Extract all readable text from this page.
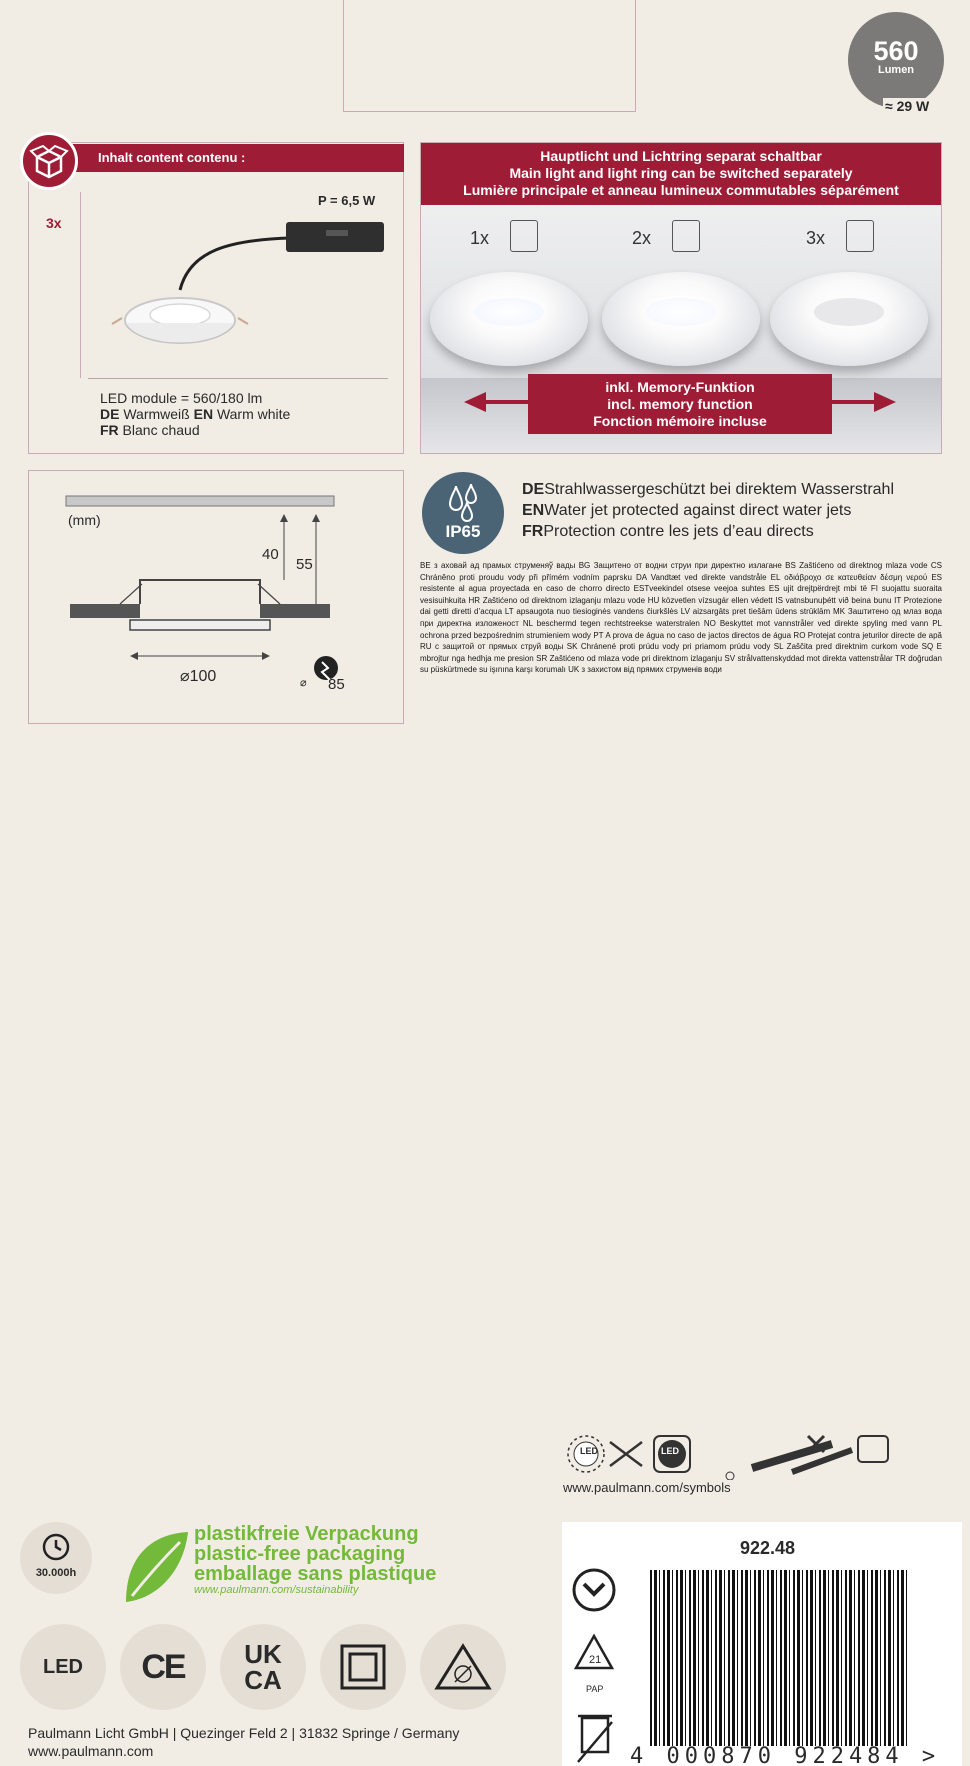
560
Lumen
≈ 29 W
Inhalt content contenu :
3x
P = 6,5 W
LED module = 560/180 lm
DE Warmweiß EN Warm white
FR Blanc chaud
Hauptlicht und Lichtring separat schaltbar
Main light and light ring can be switched separately
Lumière principale et anneau lumineux commutables séparément
1x	2x	3x
inkl. Memory-Funktion
incl. memory function
Fonction mémoire incluse
(mm)
40
55
⌀100	⌀ 85
IP65
DEStrahlwassergeschützt bei direktem Wasserstrahl
ENWater jet protected against direct water jets
FRProtection contre les jets d’eau directs
BE з аховай ад прамых струменяў вады BG Защитено от водни струи при директно излагане BS Zaštićeno od direktnog mlaza vode CS Chráněno proti proudu vody při přímém vodním paprsku DA Vandtæt ved direkte vandstråle EL οδιάβροχο σε κατευθείαν δέσμη νερού ES resistente al agua proyectada en caso de chorro directo ESTveekindel otsese veejoa suhtes ES ujit drejtpërdrejt mbi të FI suojattu suoraita vesisuihkuita HR Zaštićeno od direktnom izlaganju mlazu vode HU közvetlen vízsugár ellen védett IS vatnsbunuþétt við beina bunu IT Protezione dai getti diretti d’acqua LT apsaugota nuo tiesioginės vandens čiurkšlės LV aizsargāts pret tiešām ūdens strūklām MK Заштитено од млаз вода при директна изложеност NL beschermd tegen rechtstreekse waterstralen NO Beskyttet mot vannstråler ved direkte spyling med vann PL ochrona przed bezpośrednim strumieniem wody PT A prova de água no caso de jactos directos de água RO Protejat contra jeturilor directe de apă RU с защитой от прямых струй воды SK Chránené proti prúdu vody pri priamom prúdu vody SL Zaščita pred direktnim curkom vode SQ E mbrojtur nga hedhja me presion SR Zaštićeno od mlaza vode pri direktnom izlaganju SV strålvattenskyddad mot direkta vattenstrålar TR doğrudan su püskürtmede su işınına karşı korumalı UK з захистом від прямих струменів води
LED	LED
www.paulmann.com/symbols
30.000h
plastikfreie Verpackung
plastic-free packaging
emballage sans plastique
www.paulmann.com/sustainability
LED CE UK
CA
Paulmann Licht GmbH | Quezinger Feld 2 | 31832 Springe / Germany
www.paulmann.com
922.48
21
PAP
4 000870 922484 >
